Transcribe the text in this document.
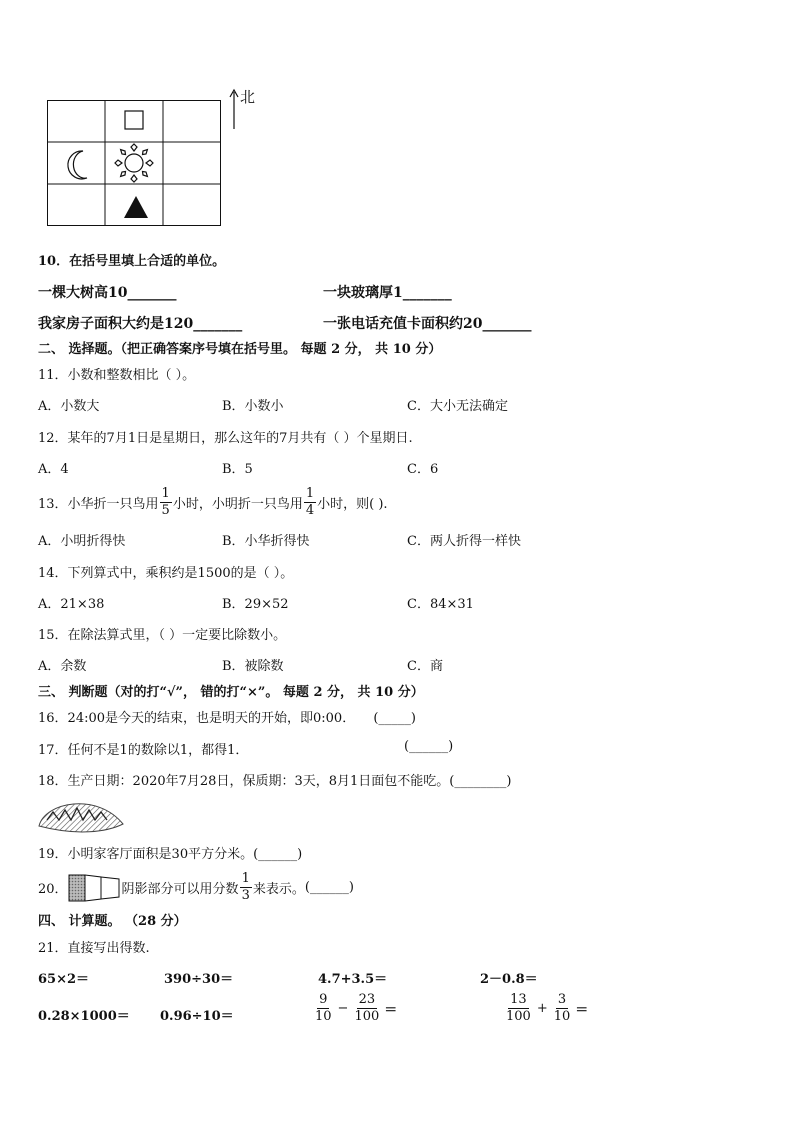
北
10．在括号里填上合适的单位。
一棵大树高10_______	一块玻璃厚1_______
我家房子面积大约是120_______	一张电话充值卡面积约20_______
二、 选择题。（把正确答案序号填在括号里。 每题 2 分， 共 10 分）
11．小数和整数相比（ ）。
A．小数大	B．小数小	C．大小无法确定
12．某年的7月1日是星期日，那么这年的7月共有（ ）个星期日.
A．4	B．5	C．6
13．小华折一只鸟用 $\frac{1}{5}$ 小时，小明折一只鸟用 $\frac{1}{4}$ 小时，则( ).
A．小明折得快	B．小华折得快	C．两人折得一样快
14．下列算式中，乘积约是1500的是（ ）。
A．21×38	B．29×52	C．84×31
15．在除法算式里，（ ）一定要比除数小。
A．余数	B．被除数	C．商
三、 判断题（对的打“√”， 错的打“×”。 每题 2 分， 共 10 分）
16．24:00是今天的结束，也是明天的开始，即0:00． (_____)
17．任何不是1的数除以1，都得1．	(______)
18．生产日期：2020年7月28日，保质期：3天，8月1日面包不能吃。(________)
19．小明家客厅面积是30平方分米。(______)
20．	阴影部分可以用分数 $\frac{1}{3}$ 来表示。 (______)
四、 计算题。 （28 分）
21．直接写出得数.
65×2＝	390÷30＝	4.7+3.5＝	2－0.8＝
0.28×1000＝ 0.96÷10＝	$\frac{9}{10} - \frac{23}{100}$ ＝	$\frac{13}{100} + \frac{3}{10}$ ＝
